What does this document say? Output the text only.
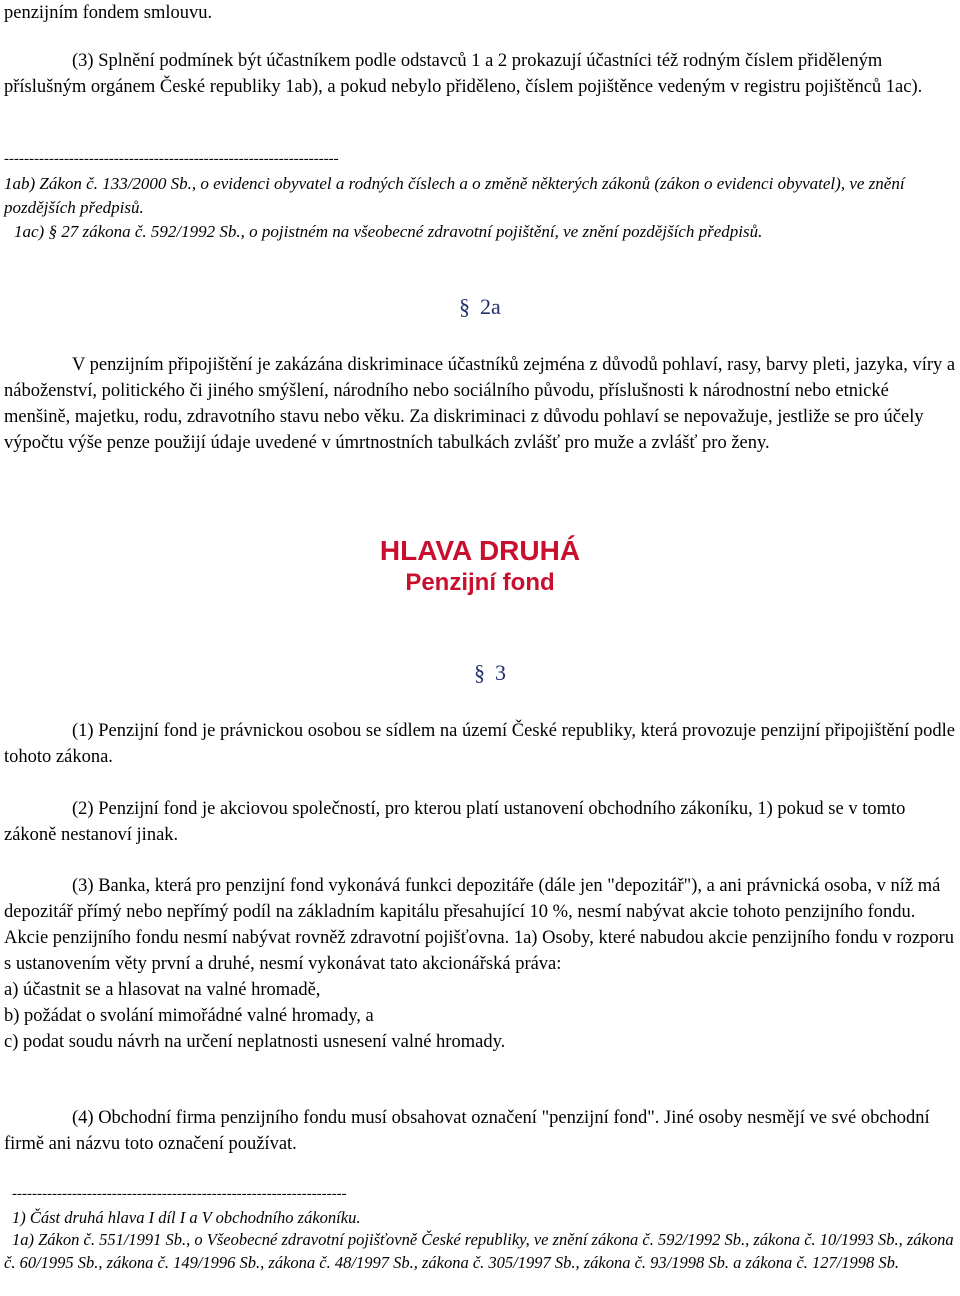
penzijním fondem smlouvu.

(3) Splnění podmínek být účastníkem podle odstavců 1 a 2 prokazují účastníci též rodným číslem přiděleným příslušným orgánem České republiky 1ab), a pokud nebylo přiděleno, číslem pojištěnce vedeným v registru pojištěnců 1ac).

-------------------------------------------------------------------

1ab) Zákon č. 133/2000 Sb., o evidenci obyvatel a rodných číslech a o změně některých zákonů (zákon o evidenci obyvatel), ve znění pozdějších předpisů.

1ac) § 27 zákona č. 592/1992 Sb., o pojistném na všeobecné zdravotní pojištění, ve znění pozdějších předpisů.

§ 2a

V penzijním připojištění je zakázána diskriminace účastníků zejména z důvodů pohlaví, rasy, barvy pleti, jazyka, víry a náboženství, politického či jiného smýšlení, národního nebo sociálního původu, příslušnosti k národnostní nebo etnické menšině, majetku, rodu, zdravotního stavu nebo věku. Za diskriminaci z důvodu pohlaví se nepovažuje, jestliže se pro účely výpočtu výše penze použijí údaje uvedené v úmrtnostních tabulkách zvlášť pro muže a zvlášť pro ženy.

HLAVA DRUHÁ

Penzijní fond

§ 3

(1) Penzijní fond je právnickou osobou se sídlem na území České republiky, která provozuje penzijní připojištění podle tohoto zákona.

(2) Penzijní fond je akciovou společností, pro kterou platí ustanovení obchodního zákoníku, 1) pokud se v tomto zákoně nestanoví jinak.

(3) Banka, která pro penzijní fond vykonává funkci depozitáře (dále jen "depozitář"), a ani právnická osoba, v níž má depozitář přímý nebo nepřímý podíl na základním kapitálu přesahující 10 %, nesmí nabývat akcie tohoto penzijního fondu. Akcie penzijního fondu nesmí nabývat rovněž zdravotní pojišťovna. 1a) Osoby, které nabudou akcie penzijního fondu v rozporu s ustanovením věty první a druhé, nesmí vykonávat tato akcionářská práva:

a) účastnit se a hlasovat na valné hromadě,

b) požádat o svolání mimořádné valné hromady, a

c) podat soudu návrh na určení neplatnosti usnesení valné hromady.

(4) Obchodní firma penzijního fondu musí obsahovat označení "penzijní fond". Jiné osoby nesmějí ve své obchodní firmě ani názvu toto označení používat.

-------------------------------------------------------------------

1) Část druhá hlava I díl I a V obchodního zákoníku.

1a) Zákon č. 551/1991 Sb., o Všeobecné zdravotní pojišťovně České republiky, ve znění zákona č. 592/1992 Sb., zákona č. 10/1993 Sb., zákona č. 60/1995 Sb., zákona č. 149/1996 Sb., zákona č. 48/1997 Sb., zákona č. 305/1997 Sb., zákona č. 93/1998 Sb. a zákona č. 127/1998 Sb.
